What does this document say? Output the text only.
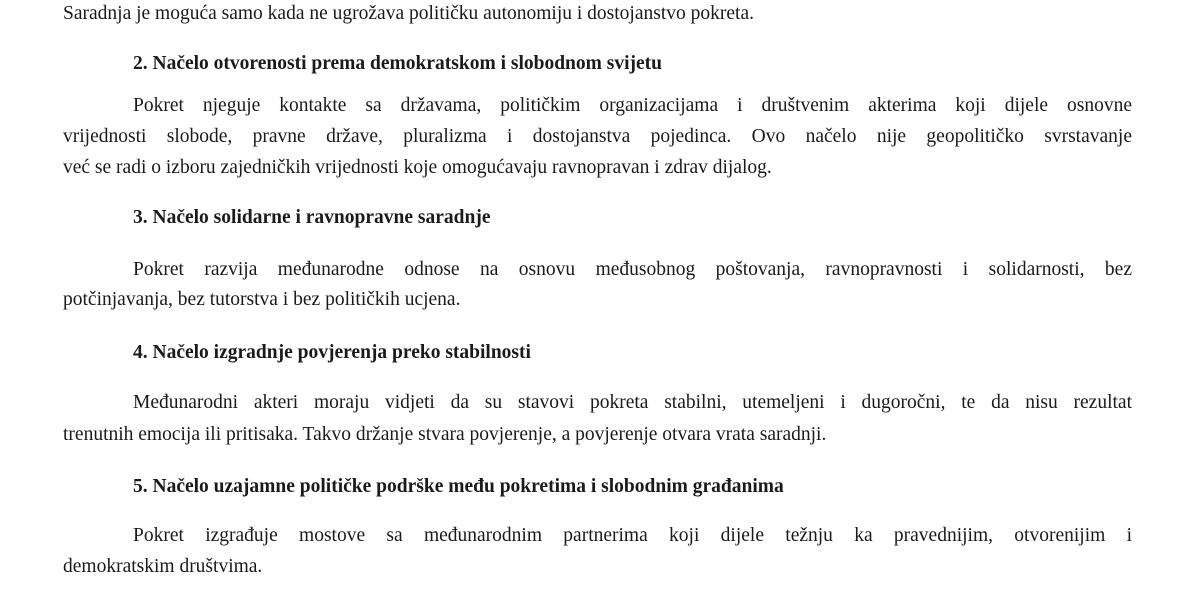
Saradnja je moguća samo kada ne ugrožava političku autonomiju i dostojanstvo pokreta.

2. Načelo otvorenosti prema demokratskom i slobodnom svijetu

Pokret njeguje kontakte sa državama, političkim organizacijama i društvenim akterima koji dijele osnovne

vrijednosti slobode, pravne države, pluralizma i dostojanstva pojedinca. Ovo načelo nije geopolitičko svrstavanje

već se radi o izboru zajedničkih vrijednosti koje omogućavaju ravnopravan i zdrav dijalog.

3. Načelo solidarne i ravnopravne saradnje

Pokret razvija međunarodne odnose na osnovu međusobnog poštovanja, ravnopravnosti i solidarnosti, bez

potčinjavanja, bez tutorstva i bez političkih ucjena.

4. Načelo izgradnje povjerenja preko stabilnosti

Međunarodni akteri moraju vidjeti da su stavovi pokreta stabilni, utemeljeni i dugoročni, te da nisu rezultat

trenutnih emocija ili pritisaka. Takvo držanje stvara povjerenje, a povjerenje otvara vrata saradnji.

5. Načelo uzajamne političke podrške među pokretima i slobodnim građanima

Pokret izgrađuje mostove sa međunarodnim partnerima koji dijele težnju ka pravednijim, otvorenijim i

demokratskim društvima.
